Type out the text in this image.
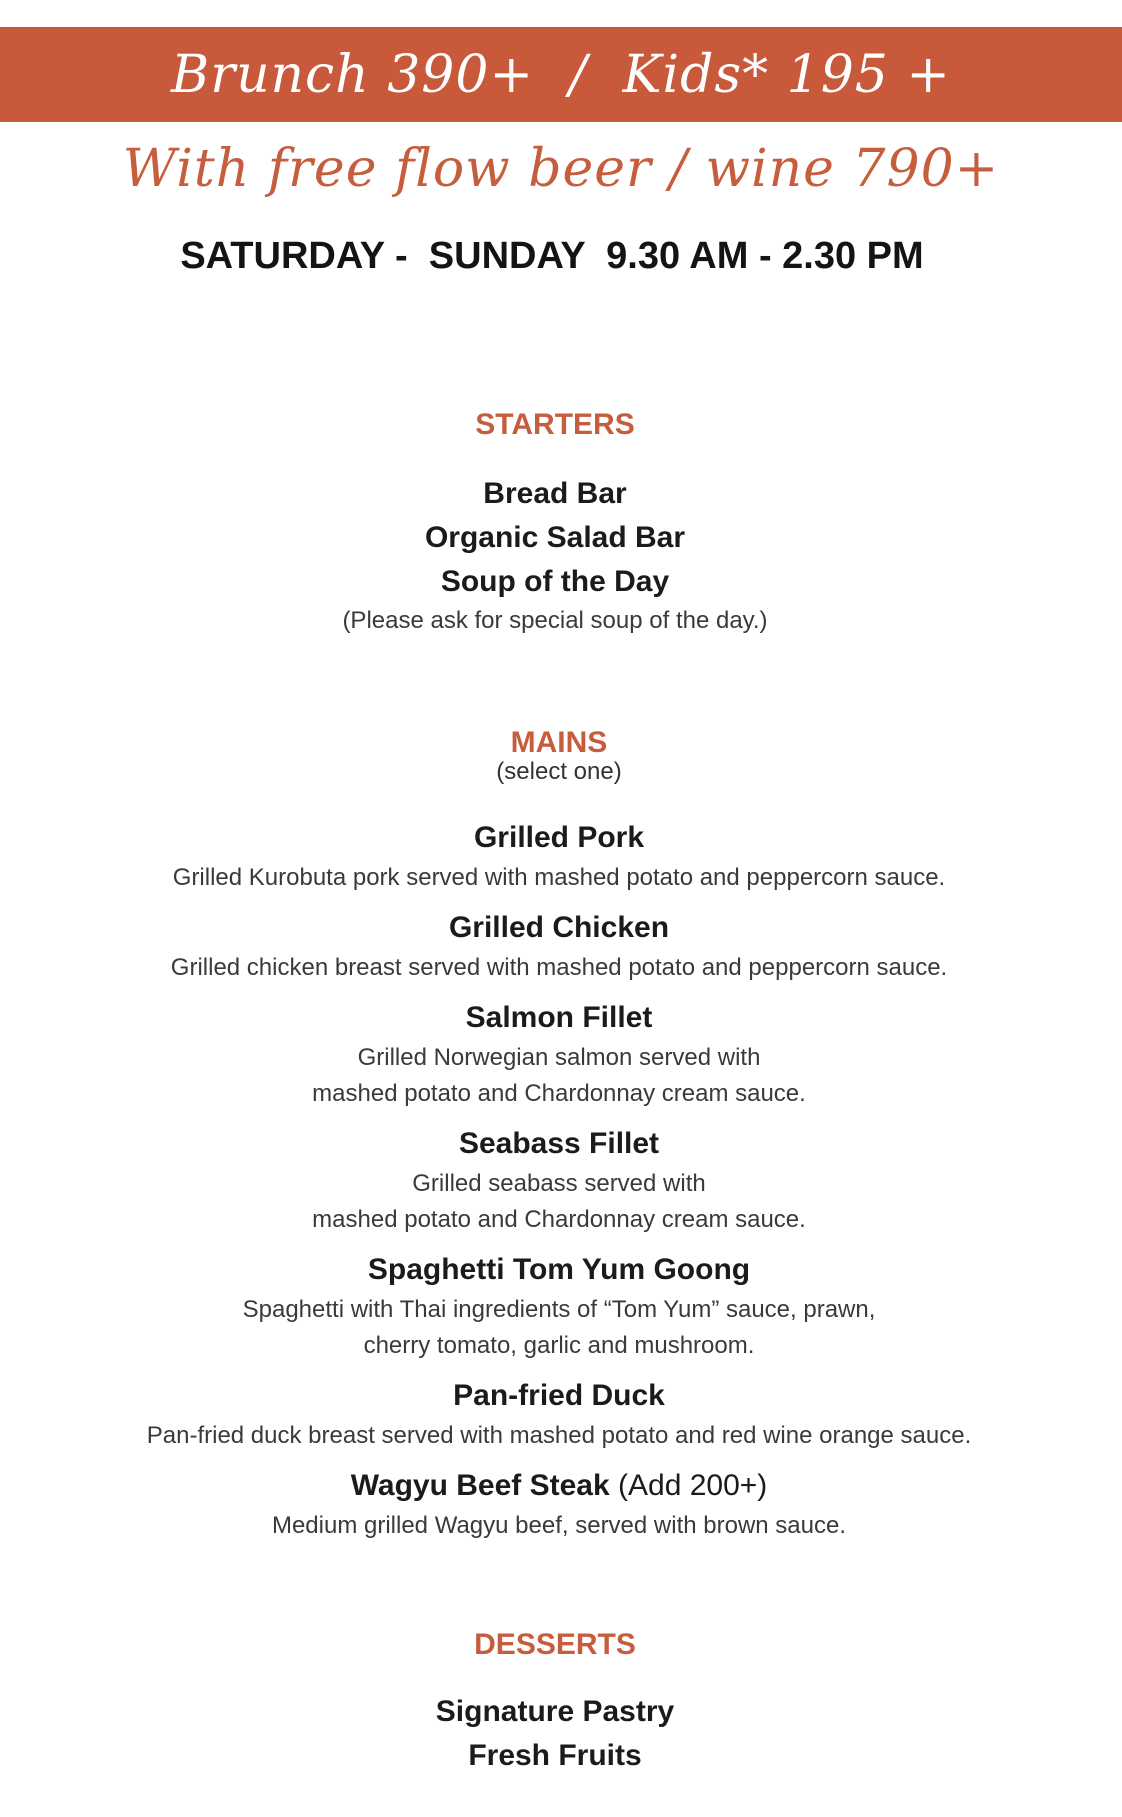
Brunch 390+  /  Kids* 195 +
With free flow beer / wine 790+
SATURDAY -  SUNDAY  9.30 AM - 2.30 PM
STARTERS
Bread Bar
Organic Salad Bar
Soup of the Day
(Please ask for special soup of the day.)
MAINS
(select one)
Grilled Pork
Grilled Kurobuta pork served with mashed potato and peppercorn sauce.
Grilled Chicken
Grilled chicken breast served with mashed potato and peppercorn sauce.
Salmon Fillet
Grilled Norwegian salmon served with
mashed potato and Chardonnay cream sauce.
Seabass Fillet
Grilled seabass served with
mashed potato and Chardonnay cream sauce.
Spaghetti Tom Yum Goong
Spaghetti with Thai ingredients of “Tom Yum” sauce, prawn,
cherry tomato, garlic and mushroom.
Pan-fried Duck
Pan-fried duck breast served with mashed potato and red wine orange sauce.
Wagyu Beef Steak (Add 200+)
Medium grilled Wagyu beef, served with brown sauce.
DESSERTS
Signature Pastry
Fresh Fruits
